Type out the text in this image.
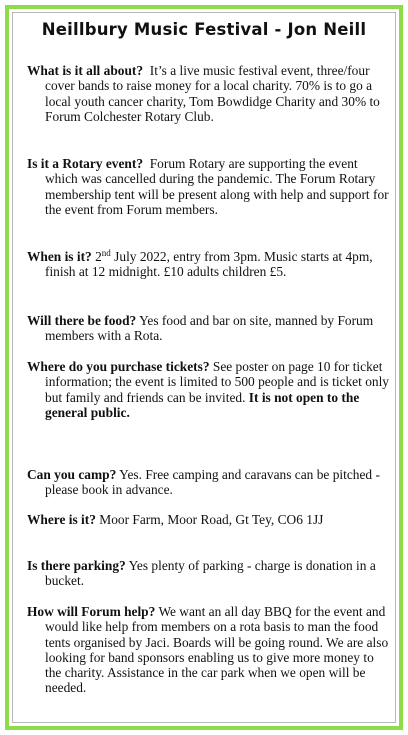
Neillbury Music Festival - Jon Neill

What is it all about? It’s a live music festival event, three/four cover bands to raise money for a local charity. 70% is to go a local youth cancer charity, Tom Bowdidge Charity and 30% to Forum Colchester Rotary Club.

Is it a Rotary event? Forum Rotary are supporting the event which was cancelled during the pandemic. The Forum Rotary membership tent will be present along with help and support for the event from Forum members.

When is it? 2nd July 2022, entry from 3pm. Music starts at 4pm, finish at 12 midnight. £10 adults children £5.

Will there be food? Yes food and bar on site, manned by Forum members with a Rota.

Where do you purchase tickets? See poster on page 10 for ticket information; the event is limited to 500 people and is ticket only but family and friends can be invited. It is not open to the general public.

Can you camp? Yes. Free camping and caravans can be pitched - please book in advance.

Where is it? Moor Farm, Moor Road, Gt Tey, CO6 1JJ

Is there parking? Yes plenty of parking - charge is donation in a bucket.

How will Forum help? We want an all day BBQ for the event and would like help from members on a rota basis to man the food tents organised by Jaci. Boards will be going round. We are also looking for band sponsors enabling us to give more money to the charity. Assistance in the car park when we open will be needed.
